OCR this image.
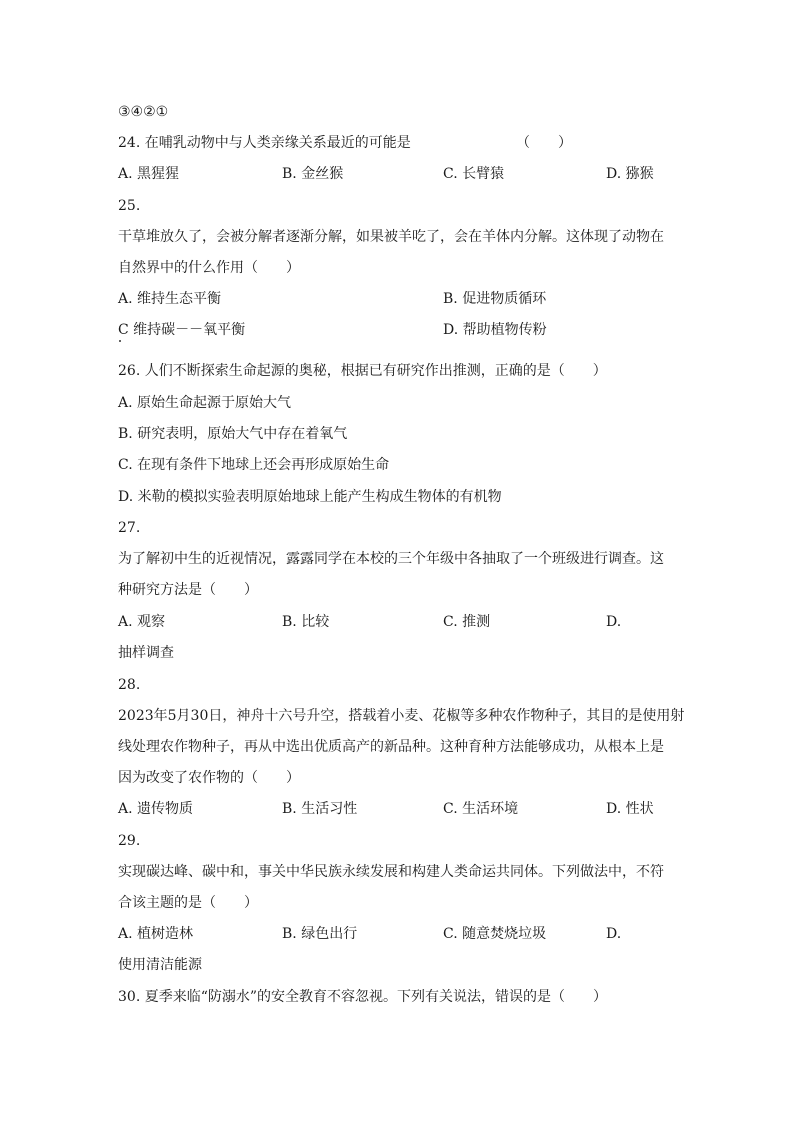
③④②①
24. 在哺乳动物中与人类亲缘关系最近的可能是	（　　）
A. 黑猩猩	B. 金丝猴	C. 长臂猿	D. 猕猴
25.
干草堆放久了，会被分解者逐渐分解，如果被羊吃了，会在羊体内分解。这体现了动物在
自然界中的什么作用（　　）
A. 维持生态平衡	B. 促进物质循环
C 维持碳－－氧平衡	D. 帮助植物传粉
26. 人们不断探索生命起源的奥秘，根据已有研究作出推测，正确的是（　　）
A. 原始生命起源于原始大气
B. 研究表明，原始大气中存在着氧气
C. 在现有条件下地球上还会再形成原始生命
D. 米勒的模拟实验表明原始地球上能产生构成生物体的有机物
27.
为了解初中生的近视情况，露露同学在本校的三个年级中各抽取了一个班级进行调查。这
种研究方法是（　　）
A. 观察	B. 比较	C. 推测	D.
抽样调查
28.
2023年5月30日，神舟十六号升空，搭载着小麦、花椒等多种农作物种子，其目的是使用射
线处理农作物种子，再从中选出优质高产的新品种。这种育种方法能够成功，从根本上是
因为改变了农作物的（　　）
A. 遗传物质	B. 生活习性	C. 生活环境	D. 性状
29.
实现碳达峰、碳中和，事关中华民族永续发展和构建人类命运共同体。下列做法中，不符
合该主题的是（　　）
A. 植树造林	B. 绿色出行	C. 随意焚烧垃圾	D.
使用清洁能源
30. 夏季来临“防溺水”的安全教育不容忽视。下列有关说法，错误的是（　　）
